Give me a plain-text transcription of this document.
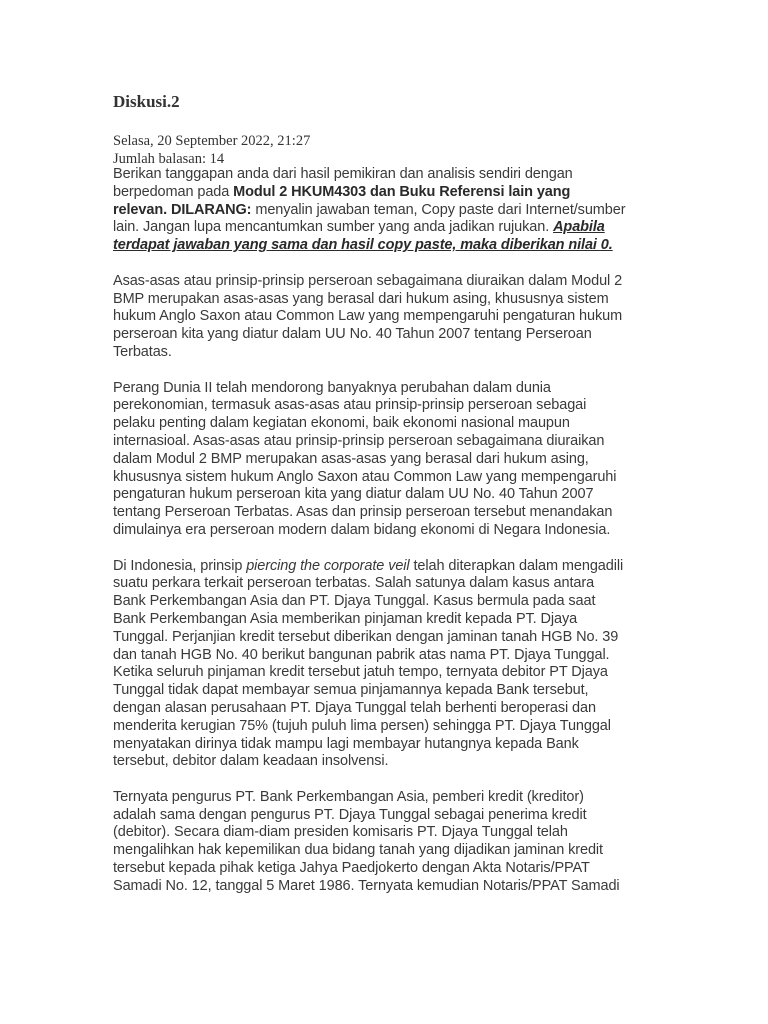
Diskusi.2
Selasa, 20 September 2022, 21:27
Jumlah balasan: 14

Berikan tanggapan anda dari hasil pemikiran dan analisis sendiri dengan
berpedoman pada Modul 2 HKUM4303 dan Buku Referensi lain yang
relevan. DILARANG: menyalin jawaban teman, Copy paste dari Internet/sumber
lain. Jangan lupa mencantumkan sumber yang anda jadikan rujukan. Apabila
terdapat jawaban yang sama dan hasil copy paste, maka diberikan nilai 0.

Asas-asas atau prinsip-prinsip perseroan sebagaimana diuraikan dalam Modul 2
BMP merupakan asas-asas yang berasal dari hukum asing, khususnya sistem
hukum Anglo Saxon atau Common Law yang mempengaruhi pengaturan hukum
perseroan kita yang diatur dalam UU No. 40 Tahun 2007 tentang Perseroan
Terbatas.

Perang Dunia II telah mendorong banyaknya perubahan dalam dunia
perekonomian, termasuk asas-asas atau prinsip-prinsip perseroan sebagai
pelaku penting dalam kegiatan ekonomi, baik ekonomi nasional maupun
internasioal. Asas-asas atau prinsip-prinsip perseroan sebagaimana diuraikan
dalam Modul 2 BMP merupakan asas-asas yang berasal dari hukum asing,
khususnya sistem hukum Anglo Saxon atau Common Law yang mempengaruhi
pengaturan hukum perseroan kita yang diatur dalam UU No. 40 Tahun 2007
tentang Perseroan Terbatas. Asas dan prinsip perseroan tersebut menandakan
dimulainya era perseroan modern dalam bidang ekonomi di Negara Indonesia.

Di Indonesia, prinsip piercing the corporate veil telah diterapkan dalam mengadili
suatu perkara terkait perseroan terbatas. Salah satunya dalam kasus antara
Bank Perkembangan Asia dan PT. Djaya Tunggal. Kasus bermula pada saat
Bank Perkembangan Asia memberikan pinjaman kredit kepada PT. Djaya
Tunggal. Perjanjian kredit tersebut diberikan dengan jaminan tanah HGB No. 39
dan tanah HGB No. 40 berikut bangunan pabrik atas nama PT. Djaya Tunggal.
Ketika seluruh pinjaman kredit tersebut jatuh tempo, ternyata debitor PT Djaya
Tunggal tidak dapat membayar semua pinjamannya kepada Bank tersebut,
dengan alasan perusahaan PT. Djaya Tunggal telah berhenti beroperasi dan
menderita kerugian 75% (tujuh puluh lima persen) sehingga PT. Djaya Tunggal
menyatakan dirinya tidak mampu lagi membayar hutangnya kepada Bank
tersebut, debitor dalam keadaan insolvensi.

Ternyata pengurus PT. Bank Perkembangan Asia, pemberi kredit (kreditor)
adalah sama dengan pengurus PT. Djaya Tunggal sebagai penerima kredit
(debitor). Secara diam-diam presiden komisaris PT. Djaya Tunggal telah
mengalihkan hak kepemilikan dua bidang tanah yang dijadikan jaminan kredit
tersebut kepada pihak ketiga Jahya Paedjokerto dengan Akta Notaris/PPAT
Samadi No. 12, tanggal 5 Maret 1986. Ternyata kemudian Notaris/PPAT Samadi
